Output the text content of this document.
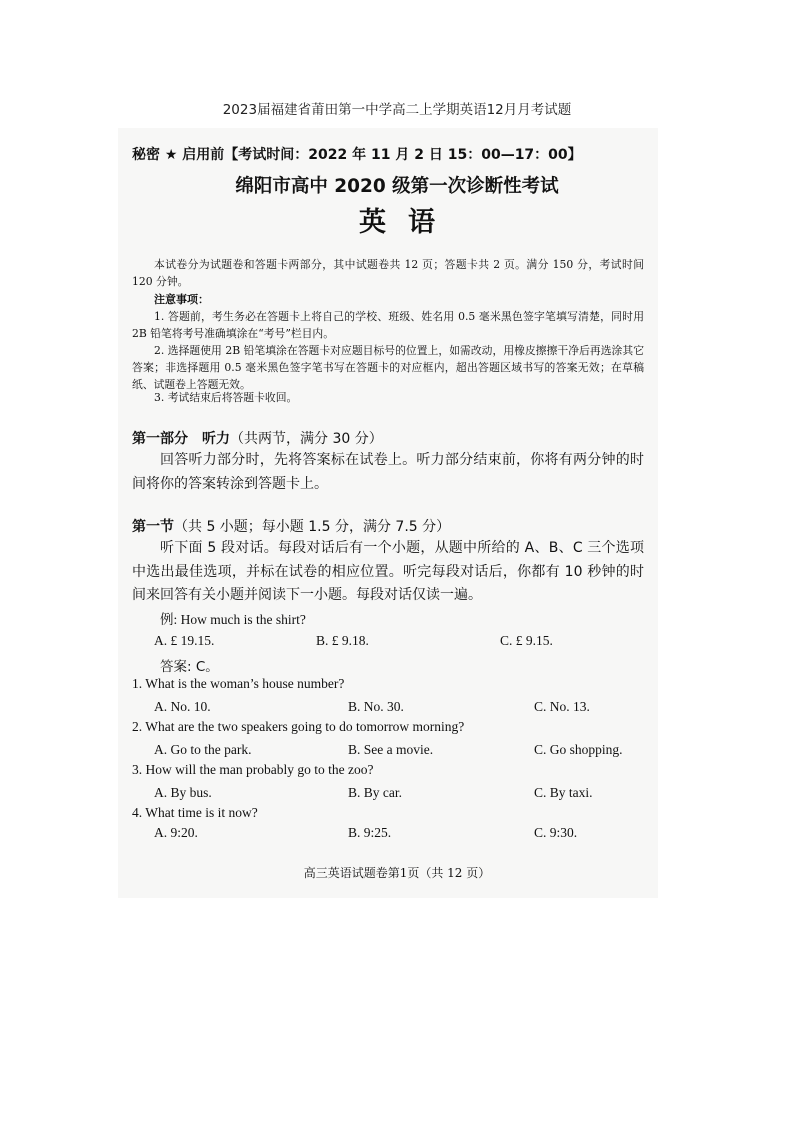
2023届福建省莆田第一中学高二上学期英语12月月考试题
秘密 ★ 启用前【考试时间：2022 年 11 月 2 日 15：00—17：00】
绵阳市高中 2020 级第一次诊断性考试
英语
本试卷分为试题卷和答题卡两部分，其中试题卷共 12 页；答题卡共 2 页。满分 150 分，考试时间 120 分钟。
注意事项：
1. 答题前，考生务必在答题卡上将自己的学校、班级、姓名用 0.5 毫米黑色签字笔填写清楚，同时用 2B 铅笔将考号准确填涂在“考号”栏目内。
2. 选择题使用 2B 铅笔填涂在答题卡对应题目标号的位置上，如需改动，用橡皮擦擦干净后再选涂其它答案；非选择题用 0.5 毫米黑色签字笔书写在答题卡的对应框内，超出答题区域书写的答案无效；在草稿纸、试题卷上答题无效。
3. 考试结束后将答题卡收回。
第一部分　听力（共两节，满分 30 分）
回答听力部分时，先将答案标在试卷上。听力部分结束前，你将有两分钟的时间将你的答案转涂到答题卡上。
第一节（共 5 小题；每小题 1.5 分，满分 7.5 分）
听下面 5 段对话。每段对话后有一个小题，从题中所给的 A、B、C 三个选项中选出最佳选项，并标在试卷的相应位置。听完每段对话后，你都有 10 秒钟的时间来回答有关小题并阅读下一小题。每段对话仅读一遍。
例: How much is the shirt?
A. £ 19.15.	B. £ 9.18.	C. £ 9.15.
答案: C。
1. What is the woman’s house number?
A. No. 10.	B. No. 30.	C. No. 13.
2. What are the two speakers going to do tomorrow morning?
A. Go to the park.	B. See a movie.	C. Go shopping.
3. How will the man probably go to the zoo?
A. By bus.	B. By car.	C. By taxi.
4. What time is it now?
A. 9:20.	B. 9:25.	C. 9:30.
高三英语试题卷第1页（共 12 页）
